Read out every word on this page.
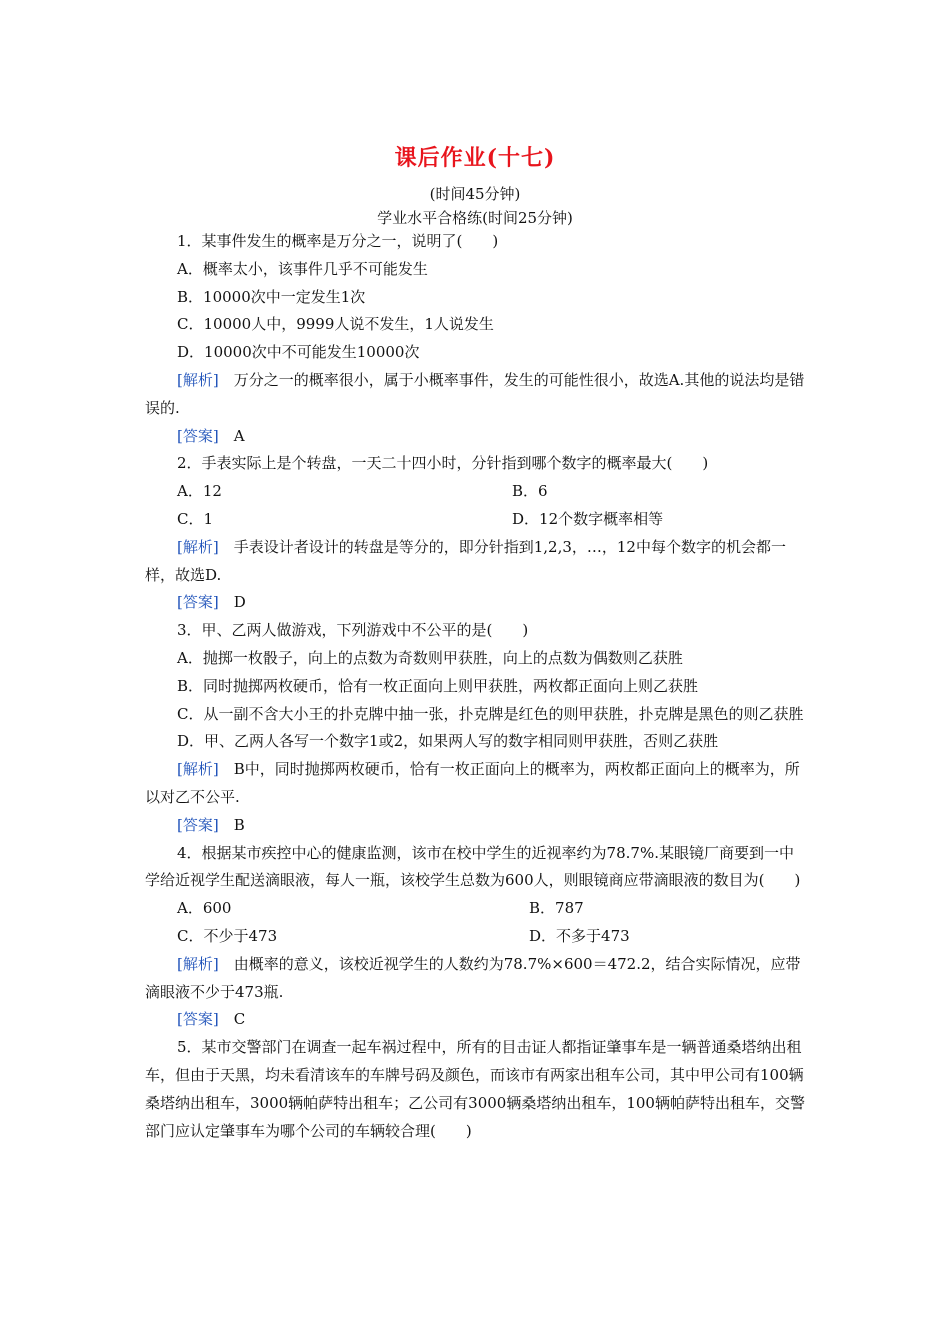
课后作业(十七)
(时间45分钟)
学业水平合格练(时间25分钟)

1．某事件发生的概率是万分之一，说明了(　　)

A．概率太小，该事件几乎不可能发生

B．10000次中一定发生1次

C．10000人中，9999人说不发生，1人说发生

D．10000次中不可能发生10000次

[解析]　万分之一的概率很小，属于小概率事件，发生的可能性很小，故选A.其他的说法均是错误的.

[答案]　A

2．手表实际上是个转盘，一天二十四小时，分针指到哪个数字的概率最大(　　)

A．12	B．6
C．1	D．12个数字概率相等

[解析]　手表设计者设计的转盘是等分的，即分针指到1,2,3，…，12中每个数字的机会都一样，故选D.

[答案]　D

3．甲、乙两人做游戏，下列游戏中不公平的是(　　)

A．抛掷一枚骰子，向上的点数为奇数则甲获胜，向上的点数为偶数则乙获胜

B．同时抛掷两枚硬币，恰有一枚正面向上则甲获胜，两枚都正面向上则乙获胜

C．从一副不含大小王的扑克牌中抽一张，扑克牌是红色的则甲获胜，扑克牌是黑色的则乙获胜

D．甲、乙两人各写一个数字1或2，如果两人写的数字相同则甲获胜，否则乙获胜

[解析]　B中，同时抛掷两枚硬币，恰有一枚正面向上的概率为，两枚都正面向上的概率为，所以对乙不公平.

[答案]　B

4．根据某市疾控中心的健康监测，该市在校中学生的近视率约为78.7%.某眼镜厂商要到一中学给近视学生配送滴眼液，每人一瓶，该校学生总数为600人，则眼镜商应带滴眼液的数目为(　　)

A．600	B．787
C．不少于473	D．不多于473

[解析]　由概率的意义，该校近视学生的人数约为78.7%×600＝472.2，结合实际情况，应带滴眼液不少于473瓶.

[答案]　C

5．某市交警部门在调查一起车祸过程中，所有的目击证人都指证肇事车是一辆普通桑塔纳出租车，但由于天黑，均未看清该车的车牌号码及颜色，而该市有两家出租车公司，其中甲公司有100辆桑塔纳出租车，3000辆帕萨特出租车；乙公司有3000辆桑塔纳出租车，100辆帕萨特出租车，交警部门应认定肇事车为哪个公司的车辆较合理(　　)
